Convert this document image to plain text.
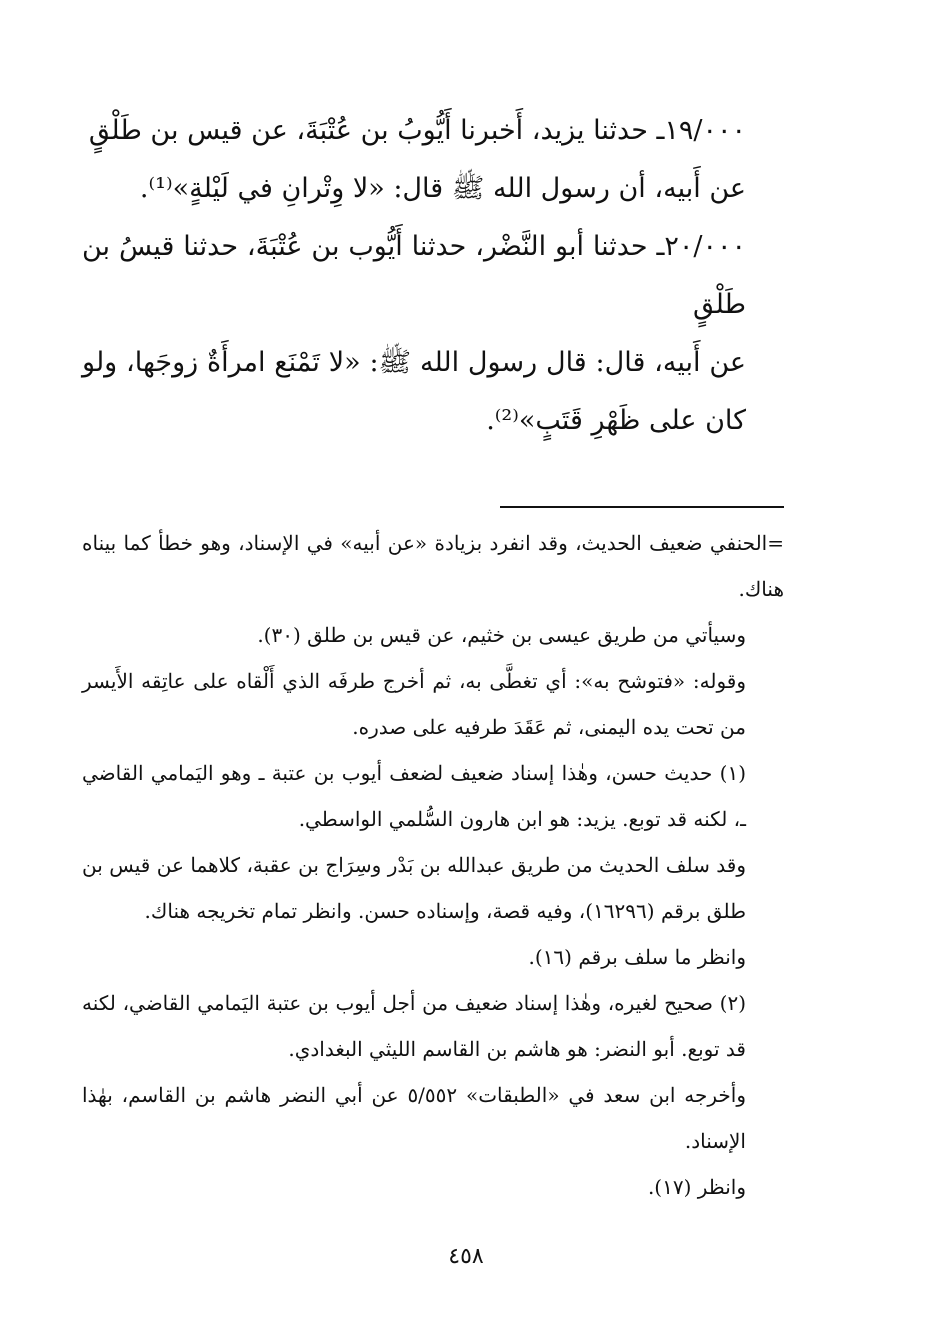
١٩/٠٠٠ـ حدثنا يزيد، أَخبرنا أَيُّوبُ بن عُتْبَةَ، عن قيس بن طَلْقٍ

عن أَبيه، أن رسول الله ﷺ قال: «لا وِتْرانِ في لَيْلةٍ»⁽¹⁾.

٢٠/٠٠٠ـ حدثنا أبو النَّضْر، حدثنا أَيُّوب بن عُتْبَةَ، حدثنا قيسُ بن طَلْقٍ

عن أَبيه، قال: قال رسول الله ﷺ: «لا تَمْنَع امرأَةٌ زوجَها، ولو كان على ظَهْرِ قَتَبٍ»⁽²⁾.

=الحنفي ضعيف الحديث، وقد انفرد بزيادة «عن أبيه» في الإسناد، وهو خطأ كما بيناه هناك.

وسيأتي من طريق عيسى بن خثيم، عن قيس بن طلق (٣٠).

وقوله: «فتوشح به»: أي تغطَّى به، ثم أخرج طرفَه الذي أَلْقاه على عاتِقه الأَيسر من تحت يده اليمنى، ثم عَقَدَ طرفيه على صدره.

(١) حديث حسن، وهٰذا إسناد ضعيف لضعف أيوب بن عتبة ـ وهو اليَمامي القاضي ـ، لكنه قد توبع. يزيد: هو ابن هارون السُّلمي الواسطي.

وقد سلف الحديث من طريق عبدالله بن بَدْر وسِرَاج بن عقبة، كلاهما عن قيس بن طلق برقم (١٦٢٩٦)، وفيه قصة، وإسناده حسن. وانظر تمام تخريجه هناك.

وانظر ما سلف برقم (١٦).

(٢) صحيح لغيره، وهٰذا إسناد ضعيف من أجل أيوب بن عتبة اليَمامي القاضي، لكنه قد توبع. أبو النضر: هو هاشم بن القاسم الليثي البغدادي.

وأخرجه ابن سعد في «الطبقات» ٥/٥٥٢ عن أبي النضر هاشم بن القاسم، بهٰذا الإسناد.

وانظر (١٧).

٤٥٨
